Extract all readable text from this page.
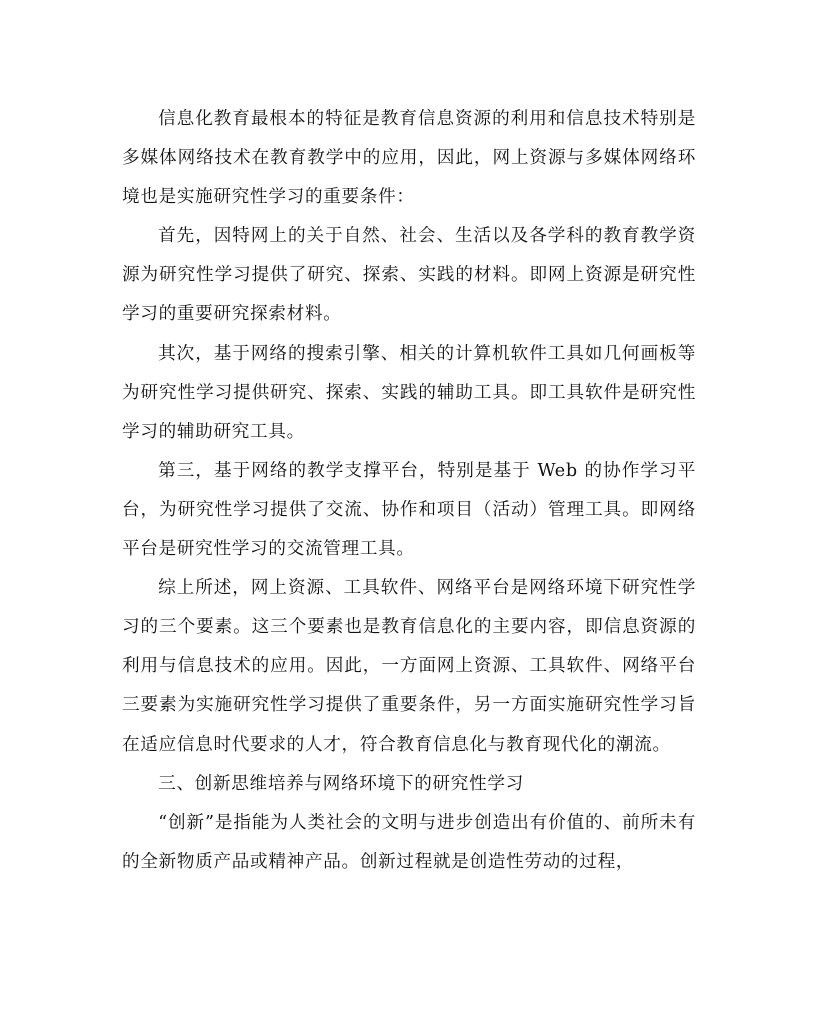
信息化教育最根本的特征是教育信息资源的利用和信息技术特别是多媒体网络技术在教育教学中的应用，因此，网上资源与多媒体网络环境也是实施研究性学习的重要条件：

首先，因特网上的关于自然、社会、生活以及各学科的教育教学资源为研究性学习提供了研究、探索、实践的材料。即网上资源是研究性学习的重要研究探索材料。

其次，基于网络的搜索引擎、相关的计算机软件工具如几何画板等为研究性学习提供研究、探索、实践的辅助工具。即工具软件是研究性学习的辅助研究工具。

第三，基于网络的教学支撑平台，特别是基于 Web 的协作学习平台，为研究性学习提供了交流、协作和项目（活动）管理工具。即网络平台是研究性学习的交流管理工具。

综上所述，网上资源、工具软件、网络平台是网络环境下研究性学习的三个要素。这三个要素也是教育信息化的主要内容，即信息资源的利用与信息技术的应用。因此，一方面网上资源、工具软件、网络平台三要素为实施研究性学习提供了重要条件，另一方面实施研究性学习旨在适应信息时代要求的人才，符合教育信息化与教育现代化的潮流。

三、创新思维培养与网络环境下的研究性学习

“创新”是指能为人类社会的文明与进步创造出有价值的、前所未有的全新物质产品或精神产品。创新过程就是创造性劳动的过程，
